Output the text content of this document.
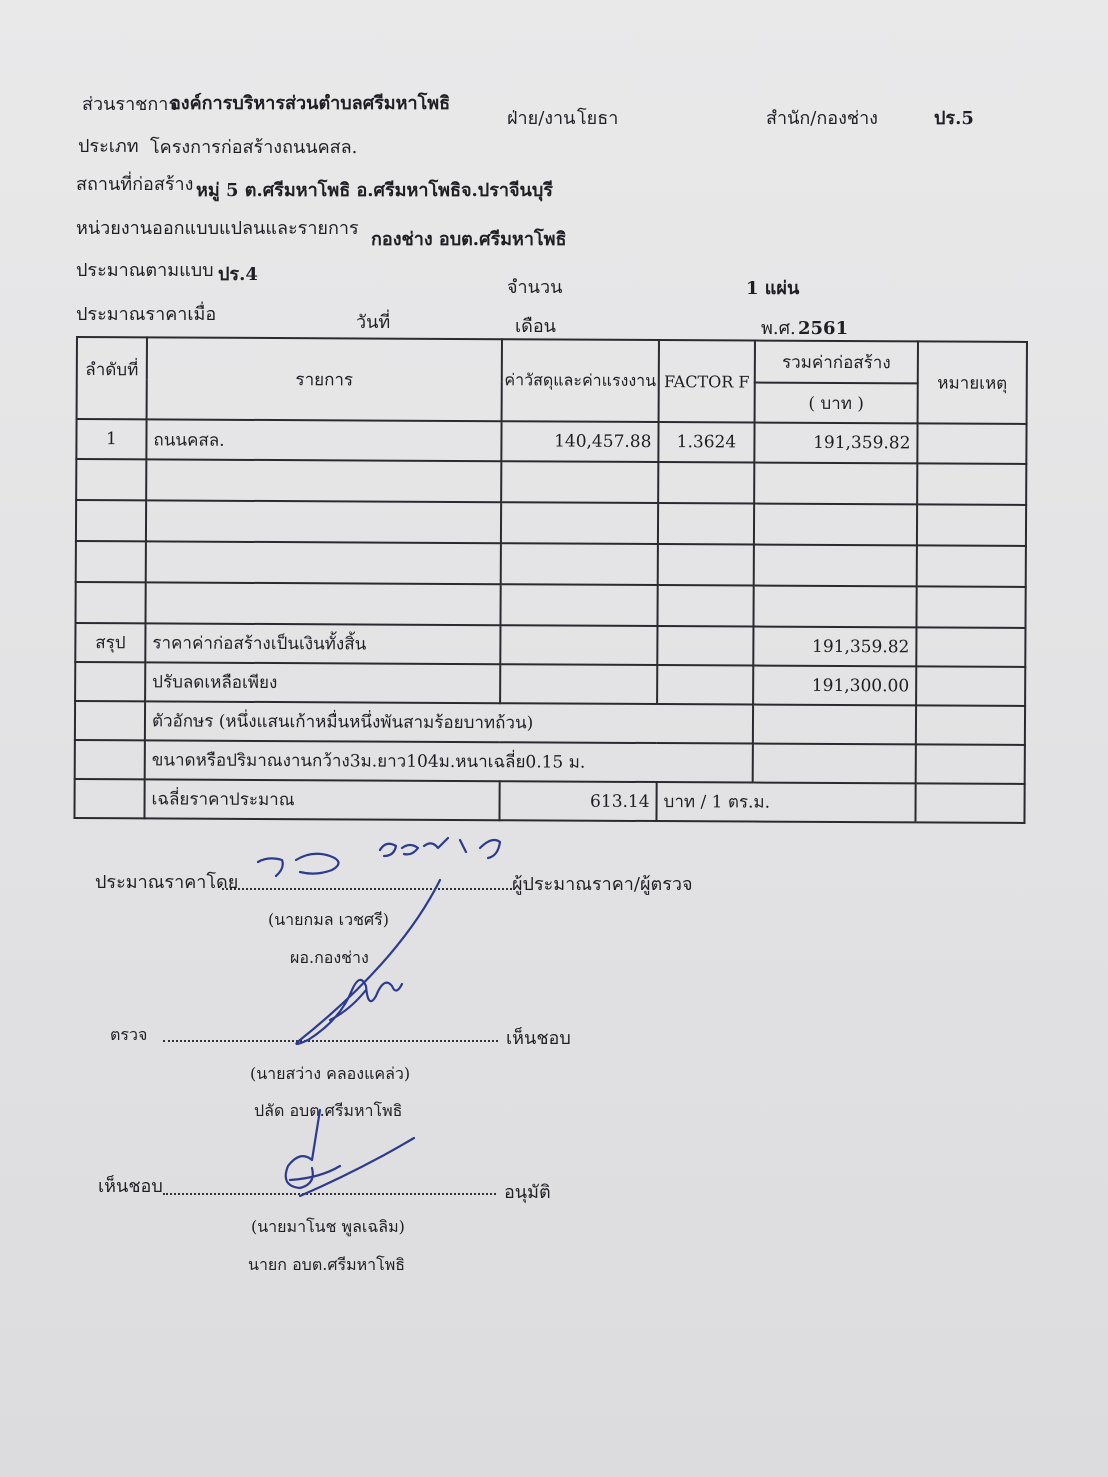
ส่วนราชการ
องค์การบริหารส่วนตำบลศรีมหาโพธิ
ฝ่าย/งาน โยธา	สำนัก/กองช่าง	ปร.5
ประเภท โครงการก่อสร้างถนนคสล.
สถานที่ก่อสร้าง หมู่ 5 ต.ศรีมหาโพธิ อ.ศรีมหาโพธิจ.ปราจีนบุรี
หน่วยงานออกแบบแปลนและรายการ
กองช่าง อบต.ศรีมหาโพธิ
ประมาณตามแบบ ปร.4
จำนวน	1 แผ่น
ประมาณราคาเมื่อ	วันที่	เดือน	พ.ศ. 2561
ลำดับที่	รายการ	ค่าวัสดุและค่าแรงงาน	FACTOR F	รวมค่าก่อสร้าง	หมายเหตุ
				( บาท )	
1	ถนนคสล.	140,457.88	1.3624	191,359.82	

สรุป	ราคาค่าก่อสร้างเป็นเงินทั้งสิ้น			191,359.82	
	ปรับลดเหลือเพียง			191,300.00	
	ตัวอักษร (หนึ่งแสนเก้าหมื่นหนึ่งพันสามร้อยบาทถ้วน)				
	ขนาดหรือปริมาณงานกว้าง3ม.ยาว104ม.หนาเฉลี่ย0.15 ม.				
	เฉลี่ยราคาประมาณ	613.14	บาท / 1 ตร.ม.		
ประมาณราคาโดย	ผู้ประมาณราคา/ผู้ตรวจ
(นายกมล เวชศรี)
ผอ.กองช่าง
ตรวจ	เห็นชอบ
(นายสว่าง คลองแคล่ว)
ปลัด อบต.ศรีมหาโพธิ
เห็นชอบ	อนุมัติ
(นายมาโนช พูลเฉลิม)
นายก อบต.ศรีมหาโพธิ
